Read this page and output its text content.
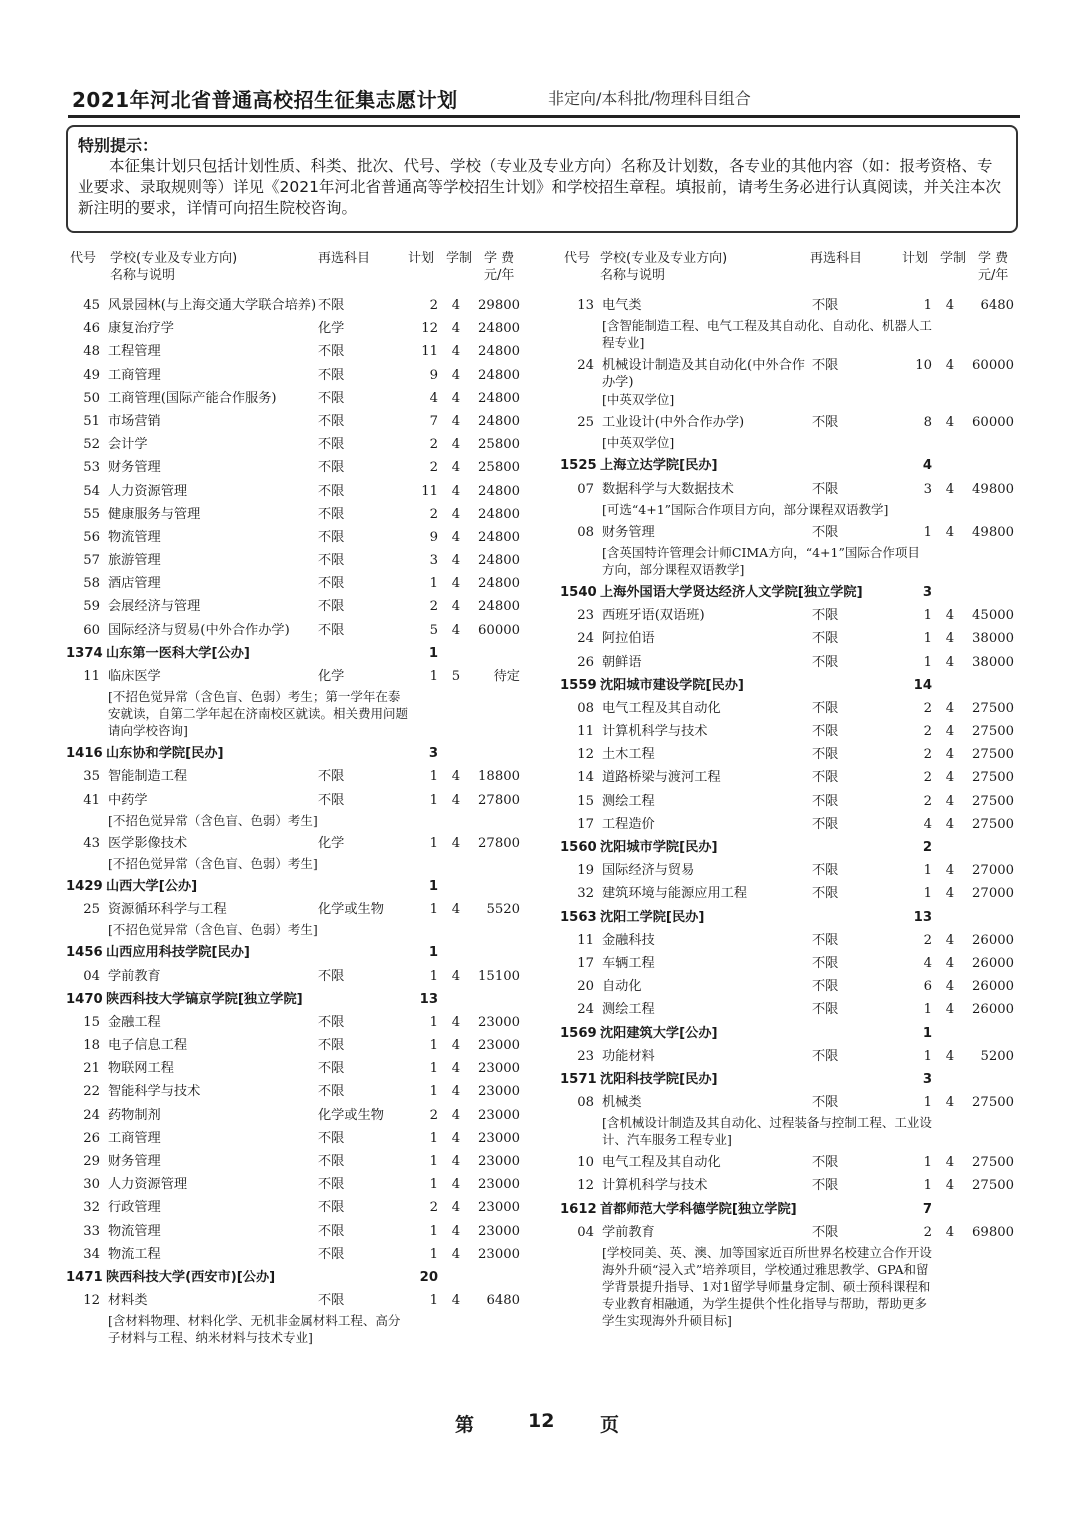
2021年河北省普通高校招生征集志愿计划	非定向/本科批/物理科目组合
特别提示：
本征集计划只包括计划性质、科类、批次、代号、学校（专业及专业方向）名称及计划数，各专业的其他内容（如：报考资格、专业要求、录取规则等）详见《2021年河北省普通高等学校招生计划》和学校招生章程。填报前，请考生务必进行认真阅读，并关注本次新注明的要求，详情可向招生院校咨询。
代号 学校(专业及专业方向)
名称与说明
再选科目	计划 学制 学 费
元/年
45 风景园林(与上海交通大学联合培养) 不限	2	4	29800
46 康复治疗学	化学	12	4	24800
48 工程管理	不限	11	4	24800
49 工商管理	不限	9	4	24800
50 工商管理(国际产能合作服务)	不限	4	4	24800
51 市场营销	不限	7	4	24800
52 会计学	不限	2	4	25800
53 财务管理	不限	2	4	25800
54 人力资源管理	不限	11	4	24800
55 健康服务与管理	不限	2	4	24800
56 物流管理	不限	9	4	24800
57 旅游管理	不限	3	4	24800
58 酒店管理	不限	1	4	24800
59 会展经济与管理	不限	2	4	24800
60 国际经济与贸易(中外合作办学)	不限	5	4	60000
1374 山东第一医科大学[公办]	1
11 临床医学	化学	1	5	待定
[不招色觉异常（含色盲、色弱）考生；第一学年在泰安就读，自第二学年起在济南校区就读。相关费用问题请向学校咨询]
1416 山东协和学院[民办]	3
35 智能制造工程	不限	1	4	18800
41 中药学	不限	1	4	27800
[不招色觉异常（含色盲、色弱）考生]
43 医学影像技术	化学	1	4	27800
[不招色觉异常（含色盲、色弱）考生]
1429 山西大学[公办]	1
25 资源循环科学与工程	化学或生物	1	4	5520
[不招色觉异常（含色盲、色弱）考生]
1456 山西应用科技学院[民办]	1
04 学前教育	不限	1	4	15100
1470 陕西科技大学镐京学院[独立学院]	13
15 金融工程	不限	1	4	23000
18 电子信息工程	不限	1	4	23000
21 物联网工程	不限	1	4	23000
22 智能科学与技术	不限	1	4	23000
24 药物制剂	化学或生物	2	4	23000
26 工商管理	不限	1	4	23000
29 财务管理	不限	1	4	23000
30 人力资源管理	不限	1	4	23000
32 行政管理	不限	2	4	23000
33 物流管理	不限	1	4	23000
34 物流工程	不限	1	4	23000
1471 陕西科技大学(西安市)[公办]	20
12 材料类	不限	1	4	6480
[含材料物理、材料化学、无机非金属材料工程、高分子材料与工程、纳米材料与技术专业]
代号 学校(专业及专业方向)
名称与说明
再选科目	计划 学制 学 费
元/年
13 电气类	不限	1	4	6480
[含智能制造工程、电气工程及其自动化、自动化、机器人工程专业]
24 机械设计制造及其自动化(中外合作办学)
不限	10	4	60000
[中英双学位]
25 工业设计(中外合作办学)	不限	8	4	60000
[中英双学位]
1525 上海立达学院[民办]	4
07 数据科学与大数据技术	不限	3	4	49800
[可选“4+1”国际合作项目方向，部分课程双语教学]
08 财务管理	不限	1	4	49800
[含英国特许管理会计师CIMA方向，“4+1”国际合作项目方向，部分课程双语教学]
1540 上海外国语大学贤达经济人文学院[独立学院]	3
23 西班牙语(双语班)	不限	1	4	45000
24 阿拉伯语	不限	1	4	38000
26 朝鲜语	不限	1	4	38000
1559 沈阳城市建设学院[民办]	14
08 电气工程及其自动化	不限	2	4	27500
11 计算机科学与技术	不限	2	4	27500
12 土木工程	不限	2	4	27500
14 道路桥梁与渡河工程	不限	2	4	27500
15 测绘工程	不限	2	4	27500
17 工程造价	不限	4	4	27500
1560 沈阳城市学院[民办]	2
19 国际经济与贸易	不限	1	4	27000
32 建筑环境与能源应用工程	不限	1	4	27000
1563 沈阳工学院[民办]	13
11 金融科技	不限	2	4	26000
17 车辆工程	不限	4	4	26000
20 自动化	不限	6	4	26000
24 测绘工程	不限	1	4	26000
1569 沈阳建筑大学[公办]	1
23 功能材料	不限	1	4	5200
1571 沈阳科技学院[民办]	3
08 机械类	不限	1	4	27500
[含机械设计制造及其自动化、过程装备与控制工程、工业设计、汽车服务工程专业]
10 电气工程及其自动化	不限	1	4	27500
12 计算机科学与技术	不限	1	4	27500
1612 首都师范大学科德学院[独立学院]	7
04 学前教育	不限	2	4	69800
[学校同美、英、澳、加等国家近百所世界名校建立合作开设海外升硕“浸入式”培养项目，学校通过雅思教学、GPA和留学背景提升指导、1对1留学导师量身定制、硕士预科课程和专业教育相融通，为学生提供个性化指导与帮助，帮助更多学生实现海外升硕目标]
第	12 页
